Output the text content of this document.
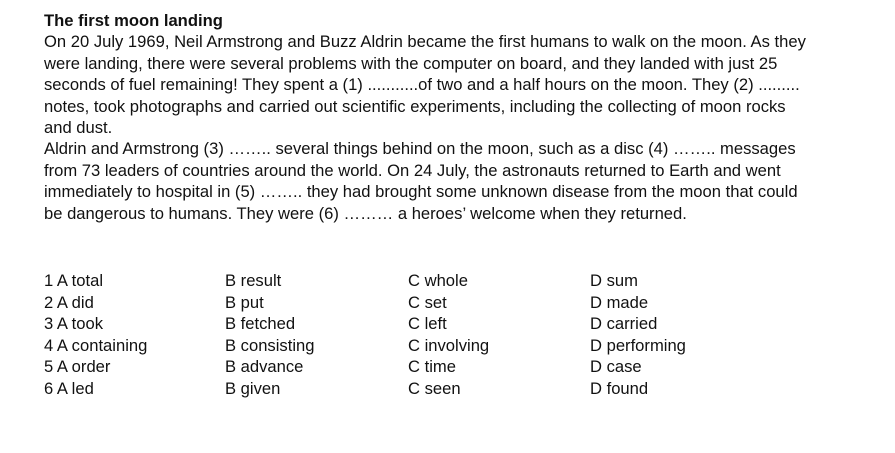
The first moon landing

On 20 July 1969, Neil Armstrong and Buzz Aldrin became the first humans to walk on the moon. As they

were landing, there were several problems with the computer on board, and they landed with just 25

seconds of fuel remaining! They spent a (1) ...........of two and a half hours on the moon. They (2) .........

notes, took photographs and carried out scientific experiments, including the collecting of moon rocks

and dust.

Aldrin and Armstrong (3) …….. several things behind on the moon, such as a disc (4) …….. messages

from 73 leaders of countries around the world. On 24 July, the astronauts returned to Earth and went

immediately to hospital in (5) …….. they had brought some unknown disease from the moon that could

be dangerous to humans. They were (6) ……… a heroes’ welcome when they returned.

1 A total	B result	C whole	D sum
2 A did	B put	C set	D made
3 A took	B fetched	C left	D carried
4 A containing	B consisting	C involving	D performing
5 A order	B advance	C time	D case
6 A led	B given	C seen	D found
